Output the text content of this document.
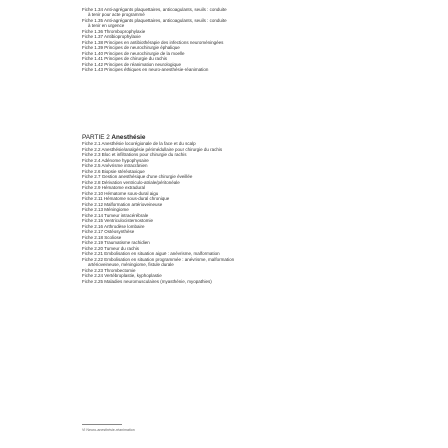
Fiche 1.34 Anti-agrégants plaquettaires, anticoagulants, seuils : conduite
à tenir pour acte programmé
Fiche 1.35 Anti-agrégants plaquettaires, anticoagulants, seuils : conduite
à tenir en urgence
Fiche 1.36 Thromboprophylaxie
Fiche 1.37 Antibioprophylaxie
Fiche 1.38 Principes en antibiothérapie des infections neuroméningées
Fiche 1.39 Principes de neurochirurgie éphalique
Fiche 1.40 Principes de neurochirurgie de la moelle
Fiche 1.41 Principes de chirurgie du rachis
Fiche 1.42 Principes de réanimation neurologique
Fiche 1.43 Principes éthiques en neuro-anesthésie-réanimation
PARTIE 2 Anesthésie
Fiche 2.1 Anesthésie locorégionale de la face et du scalp
Fiche 2.2 Anesthésie/analgésie périmédullaire pour chirurgie du rachis
Fiche 2.3 Bloc et infiltrations pour chirurgie du rachis
Fiche 2.4 Adénome hypophysaire
Fiche 2.5 Anévrisme intracrânien
Fiche 2.6 Biopsie stéréotaxique
Fiche 2.7 Gestion anesthésique d'une chirurgie éveillée
Fiche 2.8 Dérivation ventriculo-atriale/péritonéale
Fiche 2.9 Hématome extradural
Fiche 2.10 Hématome sous-dural aigu
Fiche 2.11 Hématome sous-dural chronique
Fiche 2.12 Malformation artérioveineuse
Fiche 2.13 Méningiome
Fiche 2.14 Tumeur intracérébrale
Fiche 2.15 Ventriculocisternostomie
Fiche 2.16 Arthrodèse lombaire
Fiche 2.17 Ostéosynthèse
Fiche 2.18 Scoliose
Fiche 2.19 Traumatisme rachidien
Fiche 2.20 Tumeur du rachis
Fiche 2.21 Embolisation en situation aiguë : anévrisme, malformation
Fiche 2.22 Embolisation en situation programmée : anévrisme, malformation
artérioveineuse, méningiome, fistule durale
Fiche 2.23 Thrombectomie
Fiche 2.24 Vertébroplastie, kyphoplastie
Fiche 2.25 Maladies neuromusculaires (myasthénie, myopathies)
VI Neuro-anesthésie-réanimation
